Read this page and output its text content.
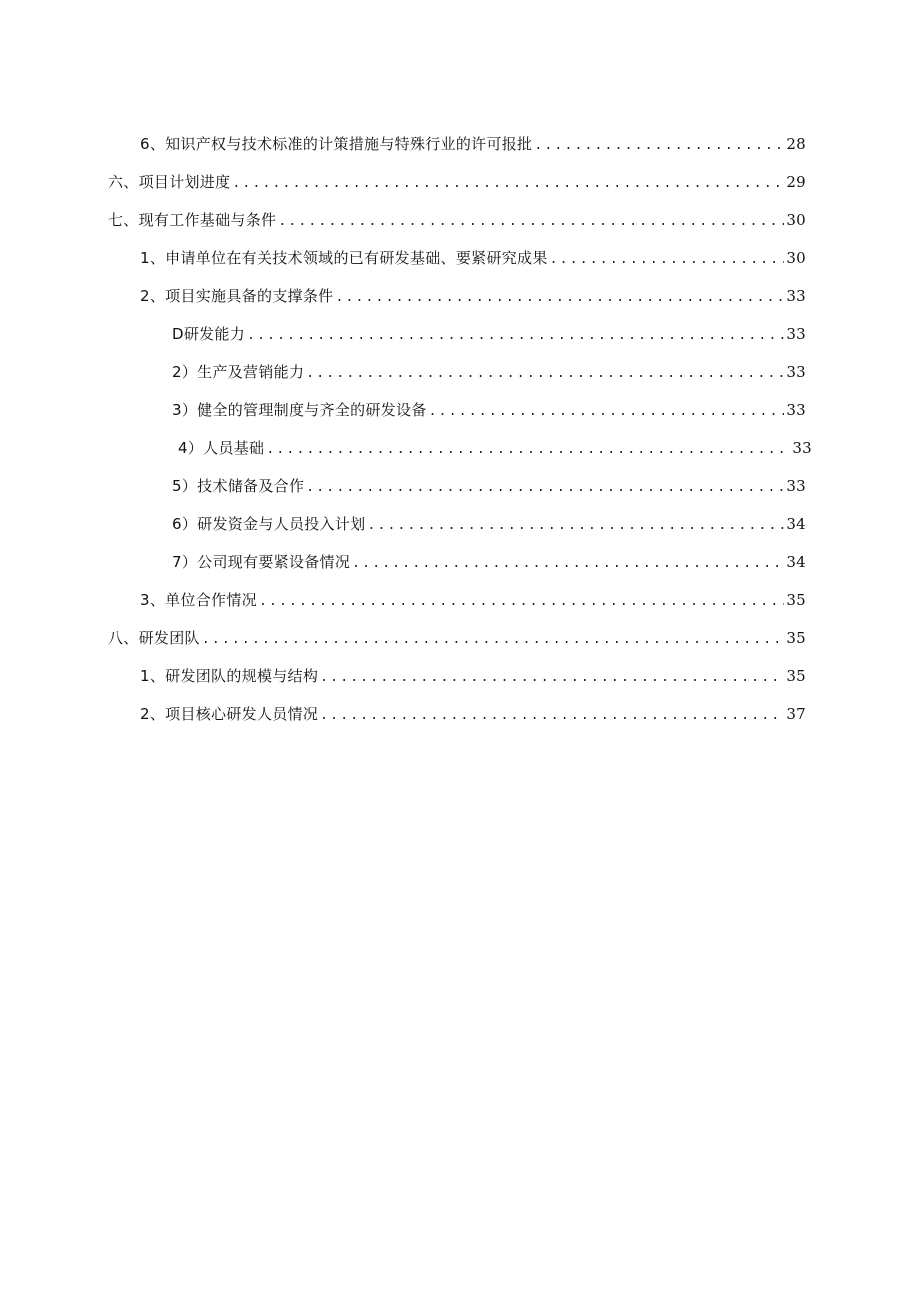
6、知识产权与技术标准的计策措施与特殊行业的许可报批 .....	28
六、项目计划进度 .....	29
七、现有工作基础与条件 .....	30
1、申请单位在有关技术领域的已有研发基础、要紧研究成果 .....	30
2、项目实施具备的支撑条件 .....	33
D研发能力 .....	33
2）生产及营销能力 .....	33
3）健全的管理制度与齐全的研发设备 .....	33
4）人员基础 .....	33
5）技术储备及合作 .....	33
6）研发资金与人员投入计划 .....	34
7）公司现有要紧设备情况 .....	34
3、单位合作情况 .....	35
八、研发团队 .....	35
1、研发团队的规模与结构 .....	35
2、项目核心研发人员情况 .....	37
